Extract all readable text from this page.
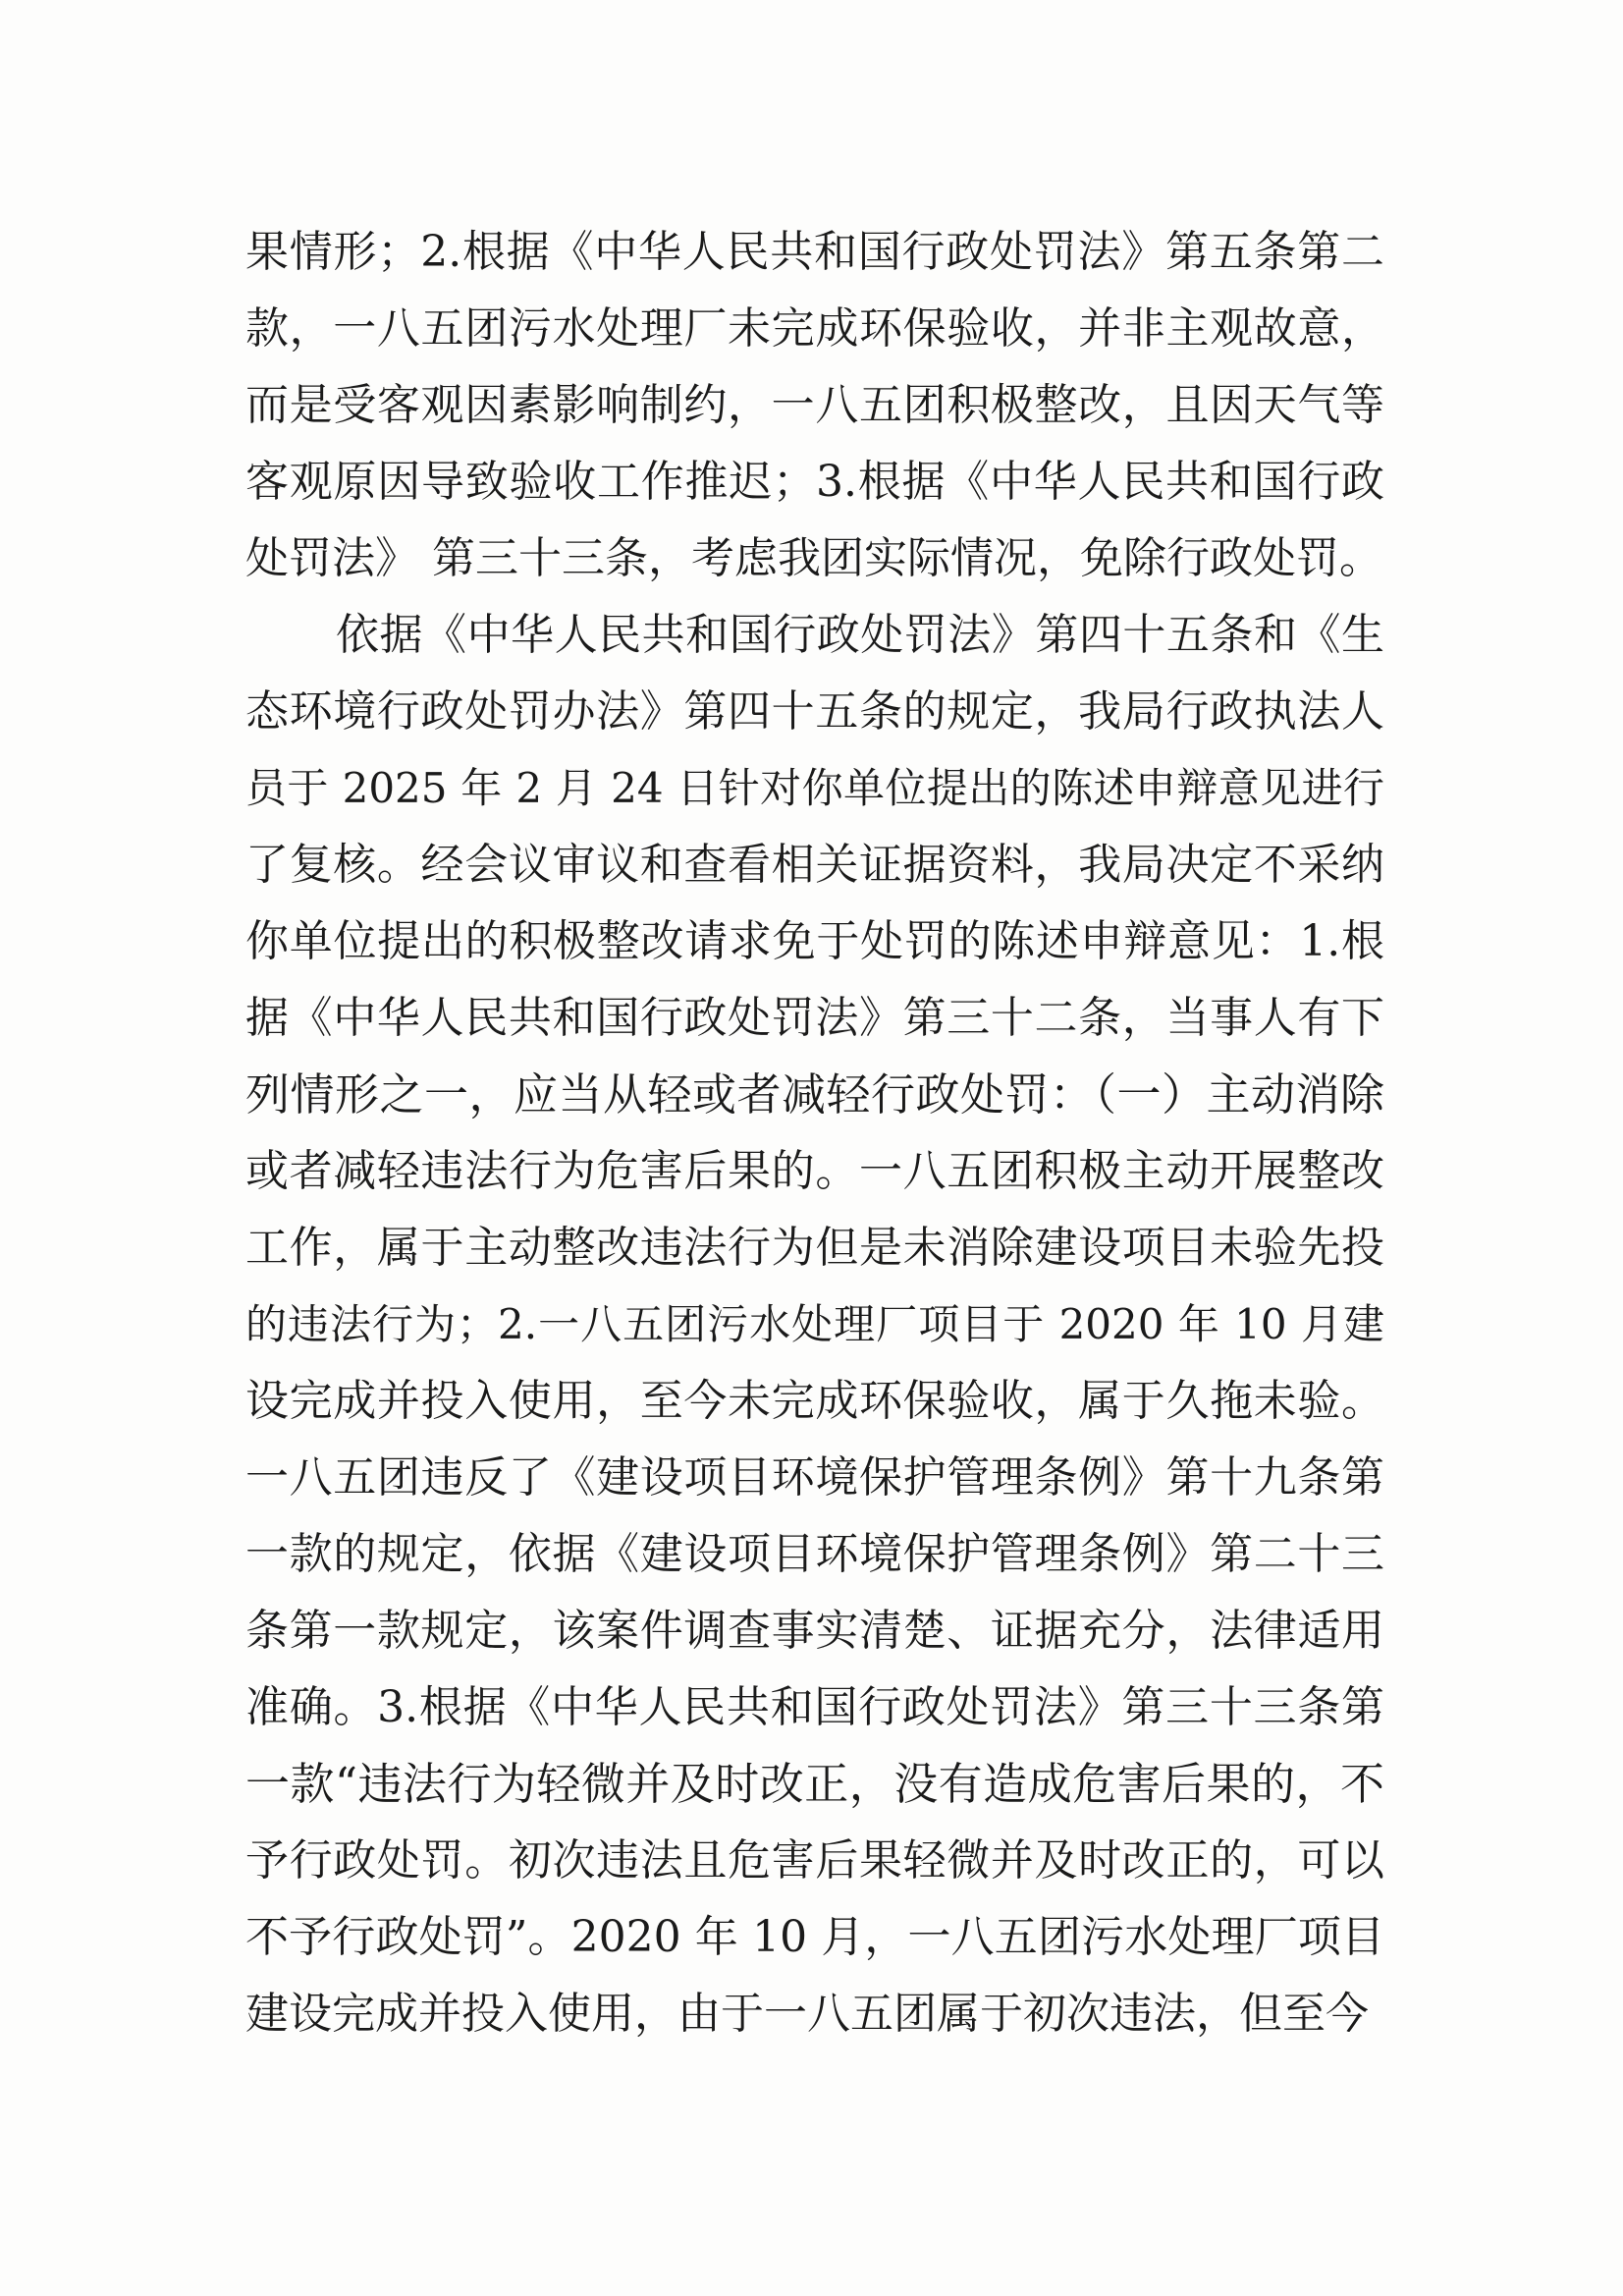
果情形；2.根据《中华人民共和国行政处罚法》第五条第二
款，一八五团污水处理厂未完成环保验收，并非主观故意，
而是受客观因素影响制约，一八五团积极整改，且因天气等
客观原因导致验收工作推迟；3.根据《中华人民共和国行政
处罚法》 第三十三条，考虑我团实际情况，免除行政处罚。
依据《中华人民共和国行政处罚法》第四十五条和《生
态环境行政处罚办法》第四十五条的规定，我局行政执法人
员于 2025 年 2 月 24 日针对你单位提出的陈述申辩意见进行
了复核。经会议审议和查看相关证据资料，我局决定不采纳
你单位提出的积极整改请求免于处罚的陈述申辩意见：1.根
据《中华人民共和国行政处罚法》第三十二条，当事人有下
列情形之一，应当从轻或者减轻行政处罚：（一）主动消除
或者减轻违法行为危害后果的。一八五团积极主动开展整改
工作，属于主动整改违法行为但是未消除建设项目未验先投
的违法行为；2.一八五团污水处理厂项目于 2020 年 10 月建
设完成并投入使用，至今未完成环保验收，属于久拖未验。
一八五团违反了《建设项目环境保护管理条例》第十九条第
一款的规定，依据《建设项目环境保护管理条例》第二十三
条第一款规定，该案件调查事实清楚、证据充分，法律适用
准确。3.根据《中华人民共和国行政处罚法》第三十三条第
一款“违法行为轻微并及时改正，没有造成危害后果的，不
予行政处罚。初次违法且危害后果轻微并及时改正的，可以
不予行政处罚”。2020 年 10 月，一八五团污水处理厂项目
建设完成并投入使用，由于一八五团属于初次违法，但至今
